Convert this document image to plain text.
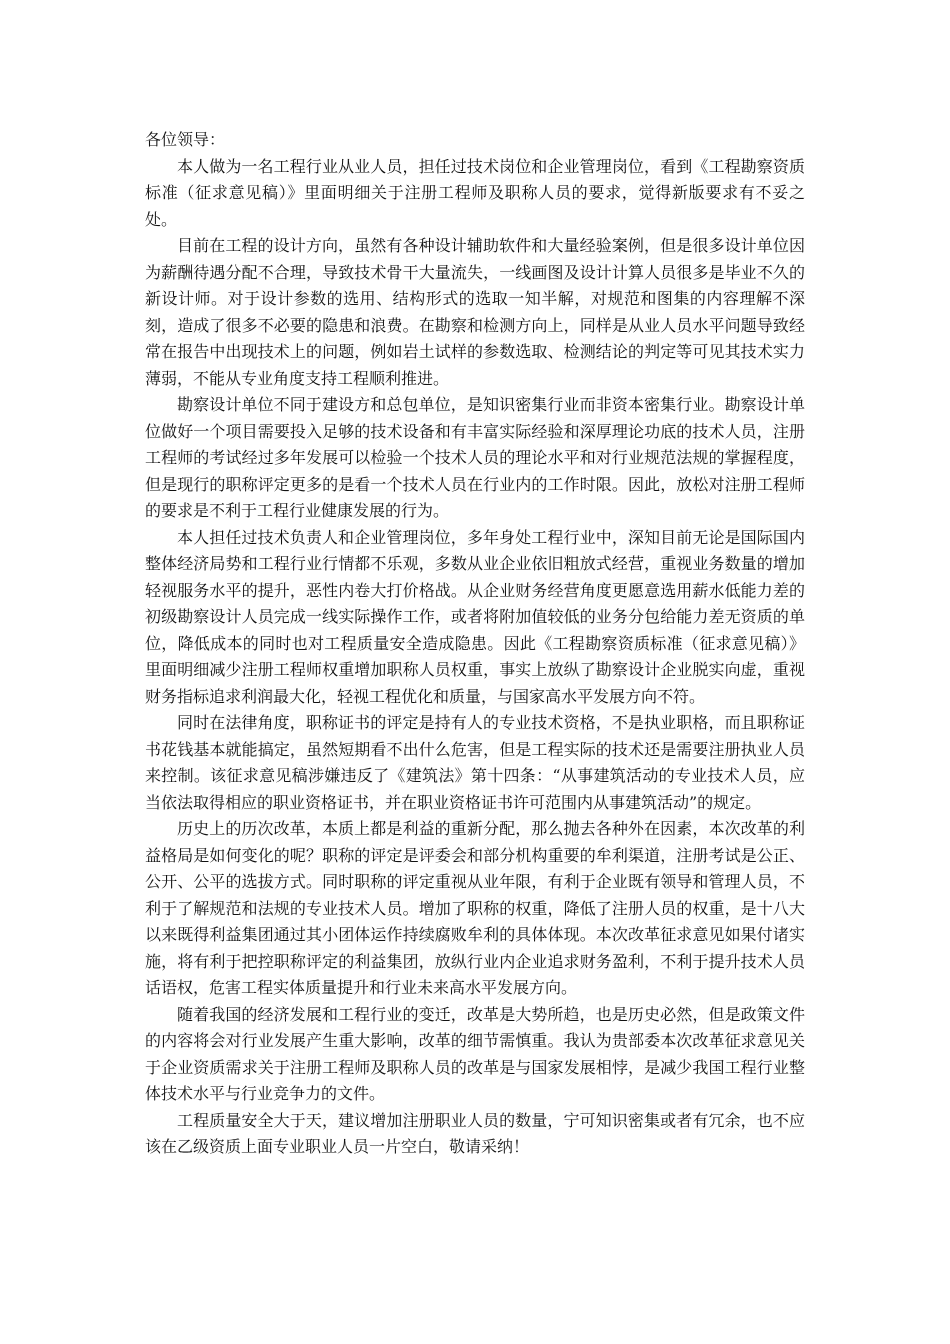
各位领导：

本人做为一名工程行业从业人员，担任过技术岗位和企业管理岗位，看到《工程勘察资质标准（征求意见稿）》里面明细关于注册工程师及职称人员的要求，觉得新版要求有不妥之处。

目前在工程的设计方向，虽然有各种设计辅助软件和大量经验案例，但是很多设计单位因为薪酬待遇分配不合理，导致技术骨干大量流失，一线画图及设计计算人员很多是毕业不久的新设计师。对于设计参数的选用、结构形式的选取一知半解，对规范和图集的内容理解不深刻，造成了很多不必要的隐患和浪费。在勘察和检测方向上，同样是从业人员水平问题导致经常在报告中出现技术上的问题，例如岩土试样的参数选取、检测结论的判定等可见其技术实力薄弱，不能从专业角度支持工程顺利推进。

勘察设计单位不同于建设方和总包单位，是知识密集行业而非资本密集行业。勘察设计单位做好一个项目需要投入足够的技术设备和有丰富实际经验和深厚理论功底的技术人员，注册工程师的考试经过多年发展可以检验一个技术人员的理论水平和对行业规范法规的掌握程度，但是现行的职称评定更多的是看一个技术人员在行业内的工作时限。因此，放松对注册工程师的要求是不利于工程行业健康发展的行为。

本人担任过技术负责人和企业管理岗位，多年身处工程行业中，深知目前无论是国际国内整体经济局势和工程行业行情都不乐观，多数从业企业依旧粗放式经营，重视业务数量的增加轻视服务水平的提升，恶性内卷大打价格战。从企业财务经营角度更愿意选用薪水低能力差的初级勘察设计人员完成一线实际操作工作，或者将附加值较低的业务分包给能力差无资质的单位，降低成本的同时也对工程质量安全造成隐患。因此《工程勘察资质标准（征求意见稿）》里面明细减少注册工程师权重增加职称人员权重，事实上放纵了勘察设计企业脱实向虚，重视财务指标追求利润最大化，轻视工程优化和质量，与国家高水平发展方向不符。

同时在法律角度，职称证书的评定是持有人的专业技术资格，不是执业职格，而且职称证书花钱基本就能搞定，虽然短期看不出什么危害，但是工程实际的技术还是需要注册执业人员来控制。该征求意见稿涉嫌违反了《建筑法》第十四条：“从事建筑活动的专业技术人员，应当依法取得相应的职业资格证书，并在职业资格证书许可范围内从事建筑活动”的规定。

历史上的历次改革，本质上都是利益的重新分配，那么抛去各种外在因素，本次改革的利益格局是如何变化的呢？职称的评定是评委会和部分机构重要的牟利渠道，注册考试是公正、公开、公平的选拔方式。同时职称的评定重视从业年限，有利于企业既有领导和管理人员，不利于了解规范和法规的专业技术人员。增加了职称的权重，降低了注册人员的权重，是十八大以来既得利益集团通过其小团体运作持续腐败牟利的具体体现。本次改革征求意见如果付诸实施，将有利于把控职称评定的利益集团，放纵行业内企业追求财务盈利，不利于提升技术人员话语权，危害工程实体质量提升和行业未来高水平发展方向。

随着我国的经济发展和工程行业的变迁，改革是大势所趋，也是历史必然，但是政策文件的内容将会对行业发展产生重大影响，改革的细节需慎重。我认为贵部委本次改革征求意见关于企业资质需求关于注册工程师及职称人员的改革是与国家发展相悖，是减少我国工程行业整体技术水平与行业竞争力的文件。

工程质量安全大于天，建议增加注册职业人员的数量，宁可知识密集或者有冗余，也不应该在乙级资质上面专业职业人员一片空白，敬请采纳！
